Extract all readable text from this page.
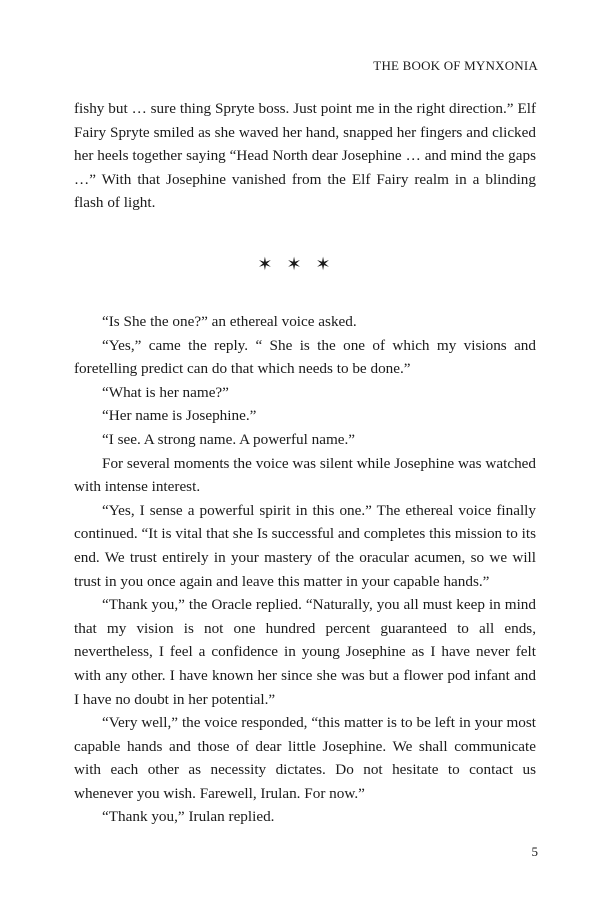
THE BOOK OF MYNXONIA

fishy but … sure thing Spryte boss. Just point me in the right direction.” Elf Fairy Spryte smiled as she waved her hand, snapped her fingers and clicked her heels together saying “Head North dear Josephine … and mind the gaps …” With that Josephine vanished from the Elf Fairy realm in a blinding flash of light.

✶✶✶

“Is She the one?” an ethereal voice asked.

“Yes,” came the reply. “ She is the one of which my visions and foretelling predict can do that which needs to be done.”

“What is her name?”

“Her name is Josephine.”

“I see. A strong name. A powerful name.”

For several moments the voice was silent while Josephine was watched with intense interest.

“Yes, I sense a powerful spirit in this one.” The ethereal voice finally continued. “It is vital that she Is successful and completes this mission to its end. We trust entirely in your mastery of the oracular acumen, so we will trust in you once again and leave this matter in your capable hands.”

“Thank you,” the Oracle replied. “Naturally, you all must keep in mind that my vision is not one hundred percent guaranteed to all ends, nevertheless, I feel a confidence in young Josephine as I have never felt with any other. I have known her since she was but a flower pod infant and I have no doubt in her potential.”

“Very well,” the voice responded, “this matter is to be left in your most capable hands and those of dear little Josephine. We shall communicate with each other as necessity dictates. Do not hesitate to contact us whenever you wish. Farewell, Irulan. For now.”

“Thank you,” Irulan replied.

5
